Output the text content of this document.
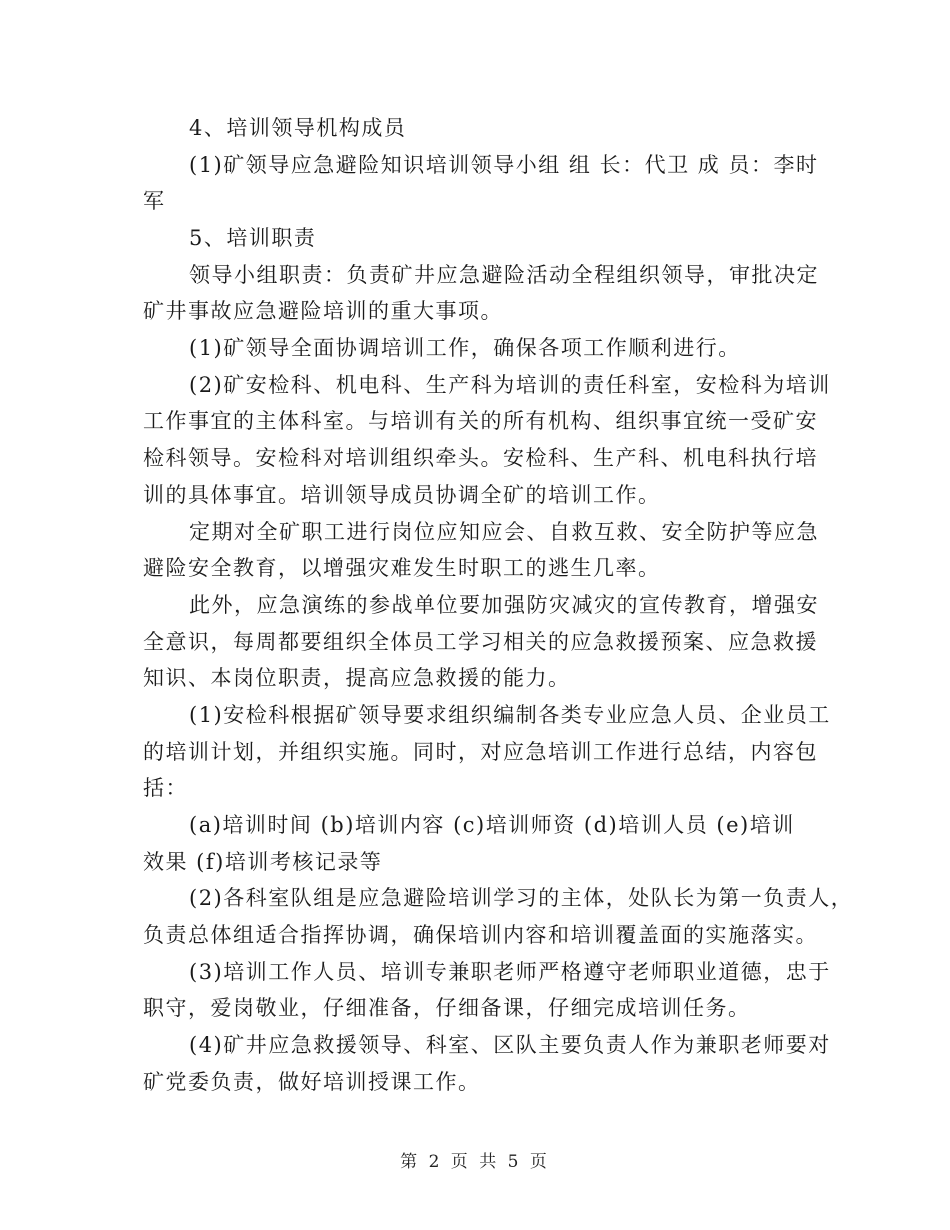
4、培训领导机构成员
(1)矿领导应急避险知识培训领导小组 组 长：代卫 成 员：李时
军
5、培训职责
领导小组职责：负责矿井应急避险活动全程组织领导，审批决定
矿井事故应急避险培训的重大事项。
(1)矿领导全面协调培训工作，确保各项工作顺利进行。
(2)矿安检科、机电科、生产科为培训的责任科室，安检科为培训
工作事宜的主体科室。与培训有关的所有机构、组织事宜统一受矿安
检科领导。安检科对培训组织牵头。安检科、生产科、机电科执行培
训的具体事宜。培训领导成员协调全矿的培训工作。
定期对全矿职工进行岗位应知应会、自救互救、安全防护等应急
避险安全教育，以增强灾难发生时职工的逃生几率。
此外，应急演练的参战单位要加强防灾减灾的宣传教育，增强安
全意识，每周都要组织全体员工学习相关的应急救援预案、应急救援
知识、本岗位职责，提高应急救援的能力。
(1)安检科根据矿领导要求组织编制各类专业应急人员、企业员工
的培训计划，并组织实施。同时，对应急培训工作进行总结，内容包
括：
(a)培训时间 (b)培训内容 (c)培训师资 (d)培训人员 (e)培训
效果 (f)培训考核记录等
(2)各科室队组是应急避险培训学习的主体，处队长为第一负责人，
负责总体组适合指挥协调，确保培训内容和培训覆盖面的实施落实。
(3)培训工作人员、培训专兼职老师严格遵守老师职业道德，忠于
职守，爱岗敬业，仔细准备，仔细备课，仔细完成培训任务。
(4)矿井应急救援领导、科室、区队主要负责人作为兼职老师要对
矿党委负责，做好培训授课工作。
第 2 页 共 5 页
